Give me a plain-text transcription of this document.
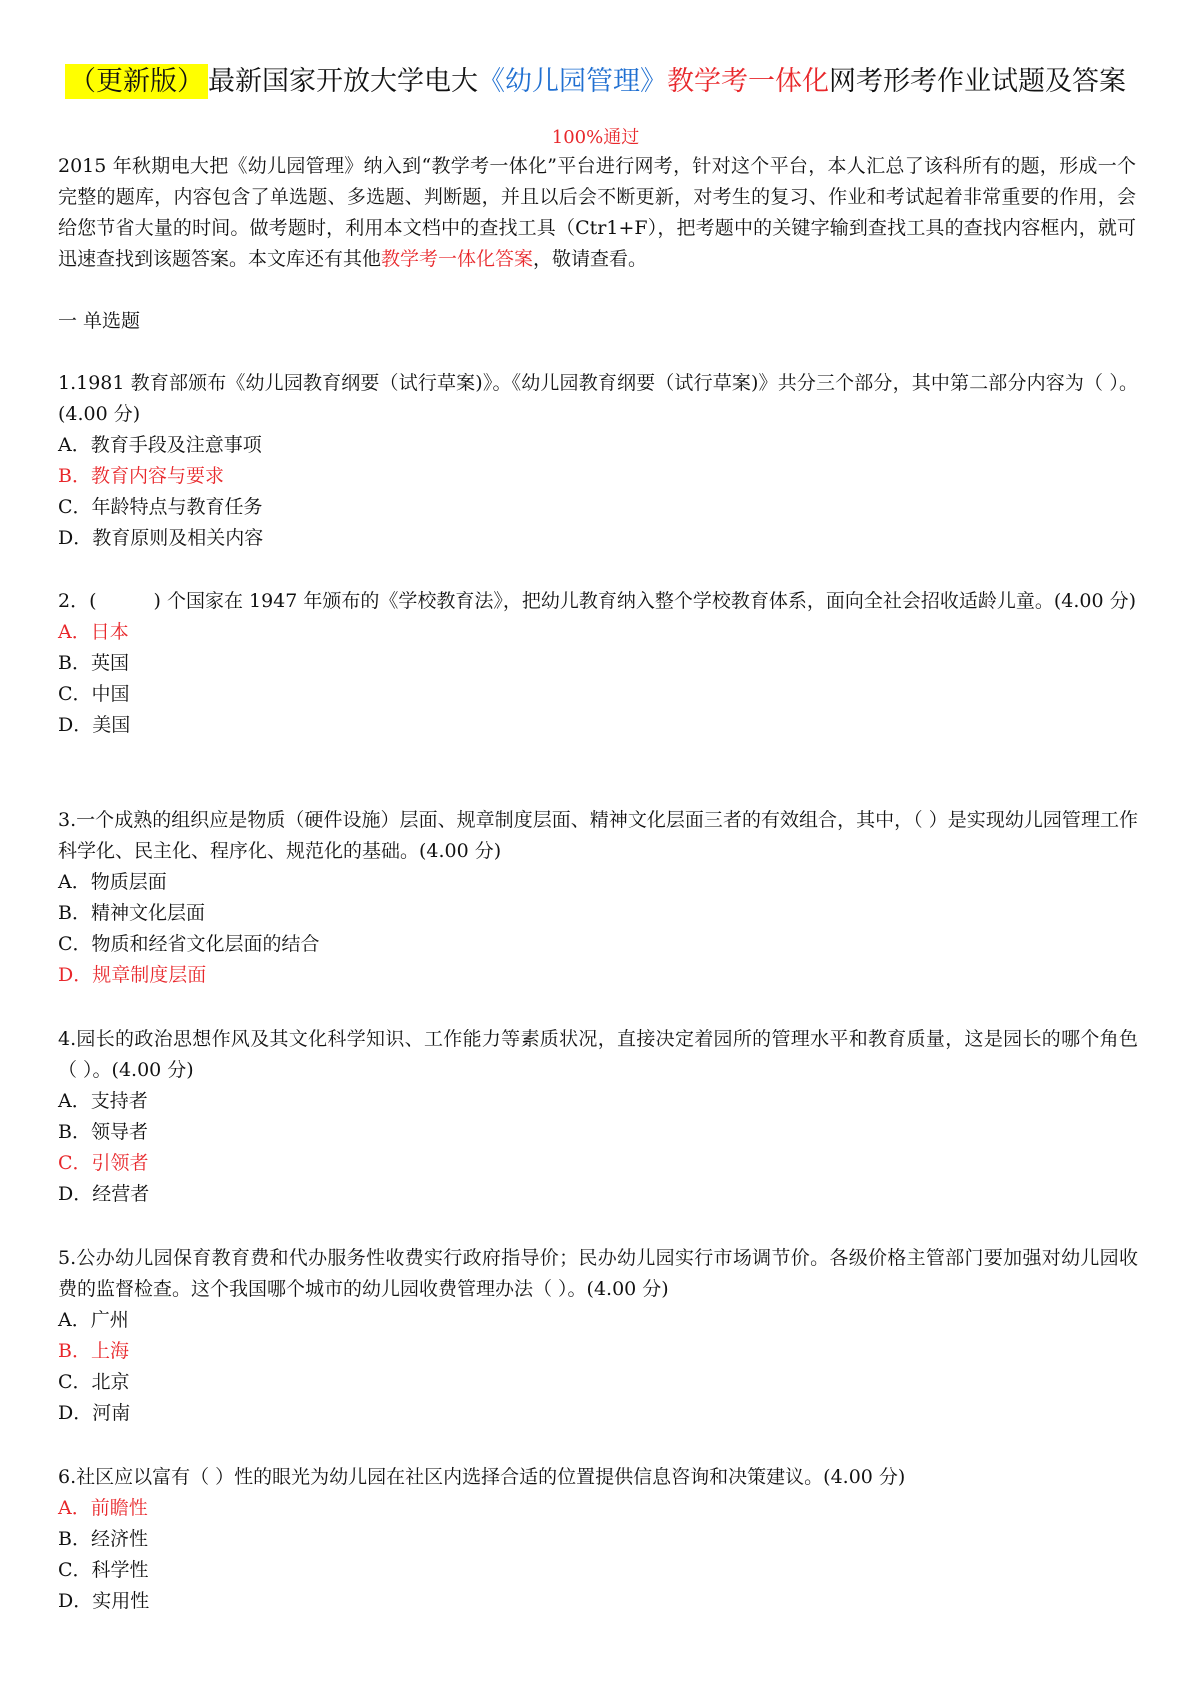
（更新版） 最新国家开放大学电大《幼儿园管理》教学考一体化网考形考作业试题及答案
100%通过
2015 年秋期电大把《幼儿园管理》纳入到“教学考一体化”平台进行网考，针对这个平台，本人汇总了该科所有的题，形成一个完整的题库，内容包含了单选题、多选题、判断题，并且以后会不断更新，对考生的复习、作业和考试起着非常重要的作用，会给您节省大量的时间。做考题时，利用本文档中的查找工具（Ctr1+F），把考题中的关键字输到查找工具的查找内容框内，就可迅速查找到该题答案。本文库还有其他教学考一体化答案，敬请查看。
一 单选题
1.1981 教育部颁布《幼儿园教育纲要（试行草案)》。《幼儿园教育纲要（试行草案)》共分三个部分，其中第二部分内容为（ ）。(4.00 分)
A．教育手段及注意事项
B．教育内容与要求
C．年龄特点与教育任务
D．教育原则及相关内容
2．(　　　) 个国家在 1947 年颁布的《学校教育法》，把幼儿教育纳入整个学校教育体系，面向全社会招收适龄儿童。(4.00 分)
A．日本
B．英国
C．中国
D．美国
3.一个成熟的组织应是物质（硬件设施）层面、规章制度层面、精神文化层面三者的有效组合，其中，（ ）是实现幼儿园管理工作科学化、民主化、程序化、规范化的基础。(4.00 分)
A．物质层面
B．精神文化层面
C．物质和经省文化层面的结合
D．规章制度层面
4.园长的政治思想作风及其文化科学知识、工作能力等素质状况，直接决定着园所的管理水平和教育质量，这是园长的哪个角色（ ）。(4.00 分)
A．支持者
B．领导者
C．引领者
D．经营者
5.公办幼儿园保育教育费和代办服务性收费实行政府指导价；民办幼儿园实行市场调节价。各级价格主管部门要加强对幼儿园收费的监督检查。这个我国哪个城市的幼儿园收费管理办法（ ）。(4.00 分)
A．广州
B．上海
C．北京
D．河南
6.社区应以富有（ ）性的眼光为幼儿园在社区内选择合适的位置提供信息咨询和决策建议。(4.00 分)
A．前瞻性
B．经济性
C．科学性
D．实用性
